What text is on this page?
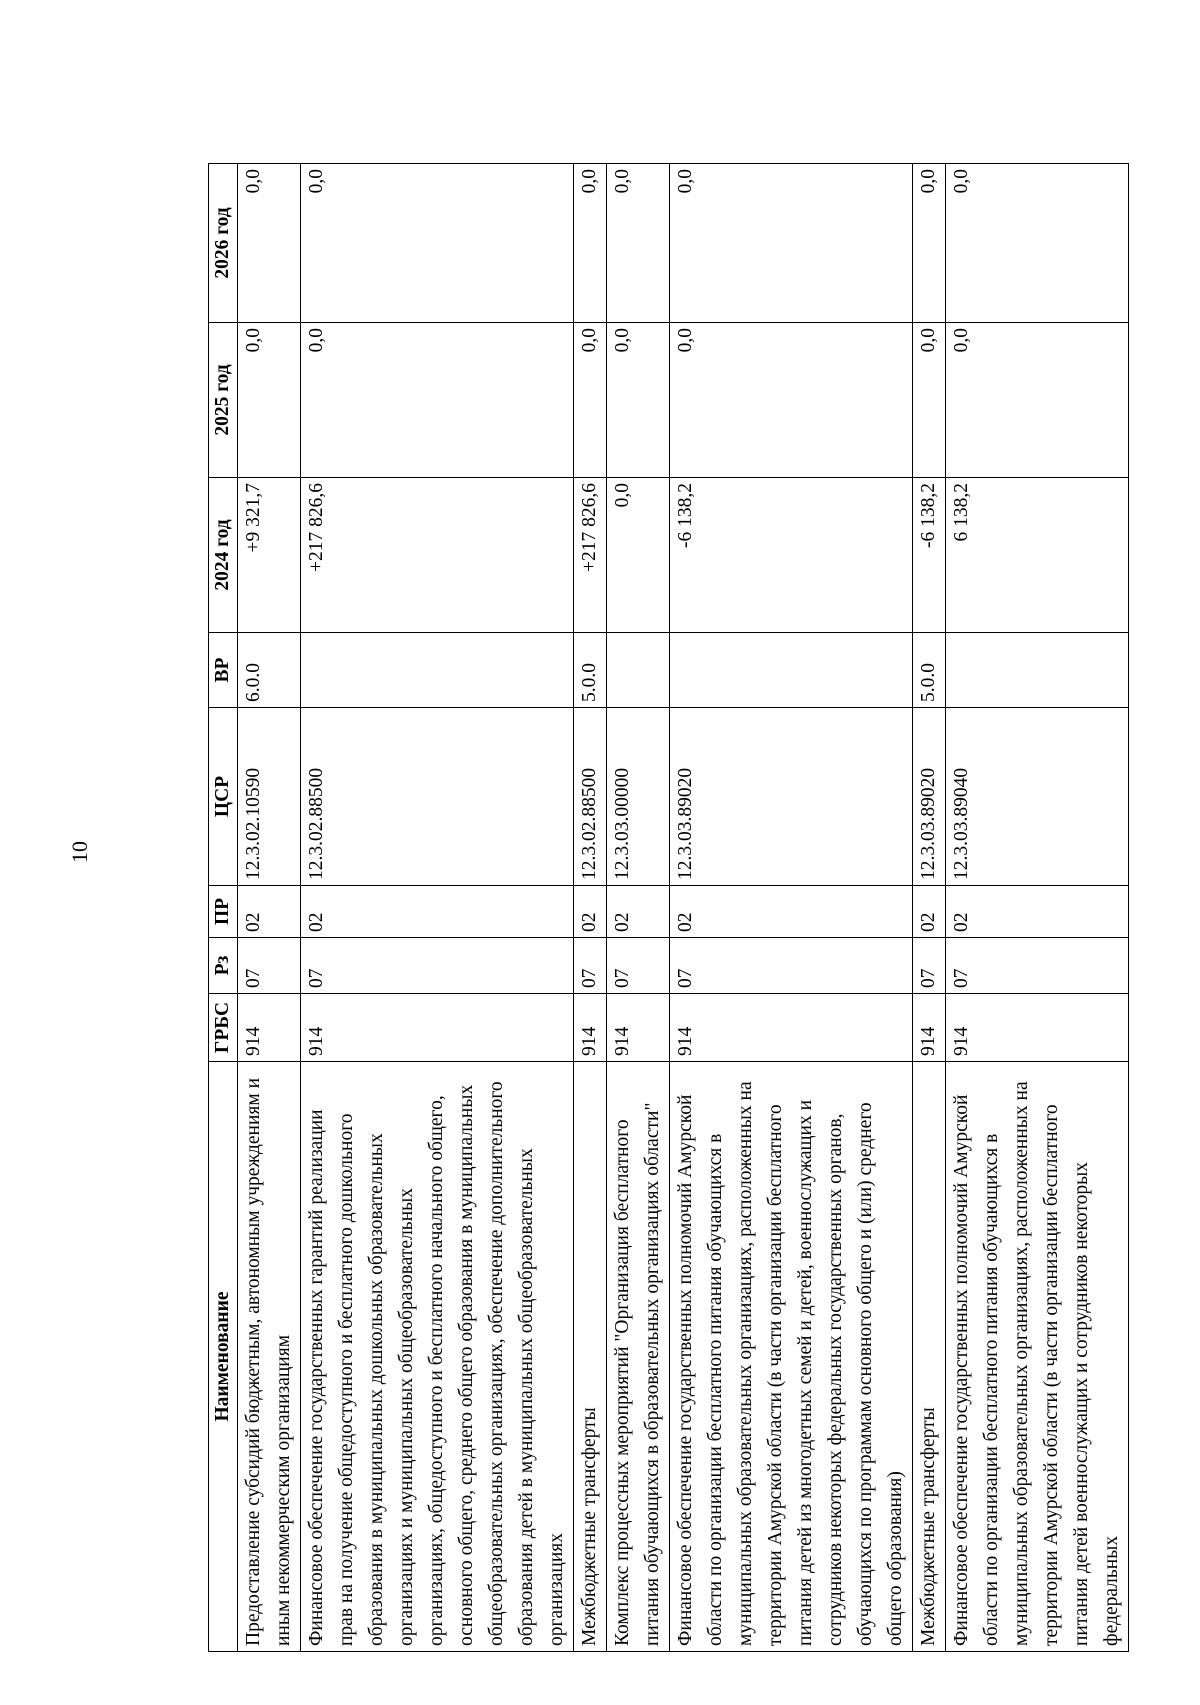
10
Наименование	ГРБС	Рз	ПР	ЦСР	ВР	2024 год	2025 год	2026 год
Предоставление субсидий бюджетным, автономным учреждениям и иным некоммерческим организациям	914	07	02	12.3.02.10590	6.0.0	+9 321,7	0,0	0,0
Финансовое обеспечение государственных гарантий реализации прав на получение общедоступного и бесплатного дошкольного образования в муниципальных дошкольных образовательных организациях и муниципальных общеобразовательных организациях, общедоступного и бесплатного начального общего, основного общего, среднего общего образования в муниципальных общеобразовательных организациях, обеспечение дополнительного образования детей в муниципальных общеобразовательных организациях	914	07	02	12.3.02.88500		+217 826,6	0,0	0,0
Межбюджетные трансферты	914	07	02	12.3.02.88500	5.0.0	+217 826,6	0,0	0,0
Комплекс процессных мероприятий "Организация бесплатного питания обучающихся в образовательных организациях области"	914	07	02	12.3.03.00000		0,0	0,0	0,0
Финансовое обеспечение государственных полномочий Амурской области по организации бесплатного питания обучающихся в муниципальных образовательных организациях, расположенных на территории Амурской области (в части организации бесплатного питания детей из многодетных семей и детей, военнослужащих и сотрудников некоторых федеральных государственных органов, обучающихся по программам основного общего и (или) среднего общего образования)	914	07	02	12.3.03.89020		-6 138,2	0,0	0,0
Межбюджетные трансферты	914	07	02	12.3.03.89020	5.0.0	-6 138,2	0,0	0,0
Финансовое обеспечение государственных полномочий Амурской области по организации бесплатного питания обучающихся в муниципальных образовательных организациях, расположенных на территории Амурской области (в части организации бесплатного питания детей военнослужащих и сотрудников некоторых федеральных	914	07	02	12.3.03.89040		6 138,2	0,0	0,0
